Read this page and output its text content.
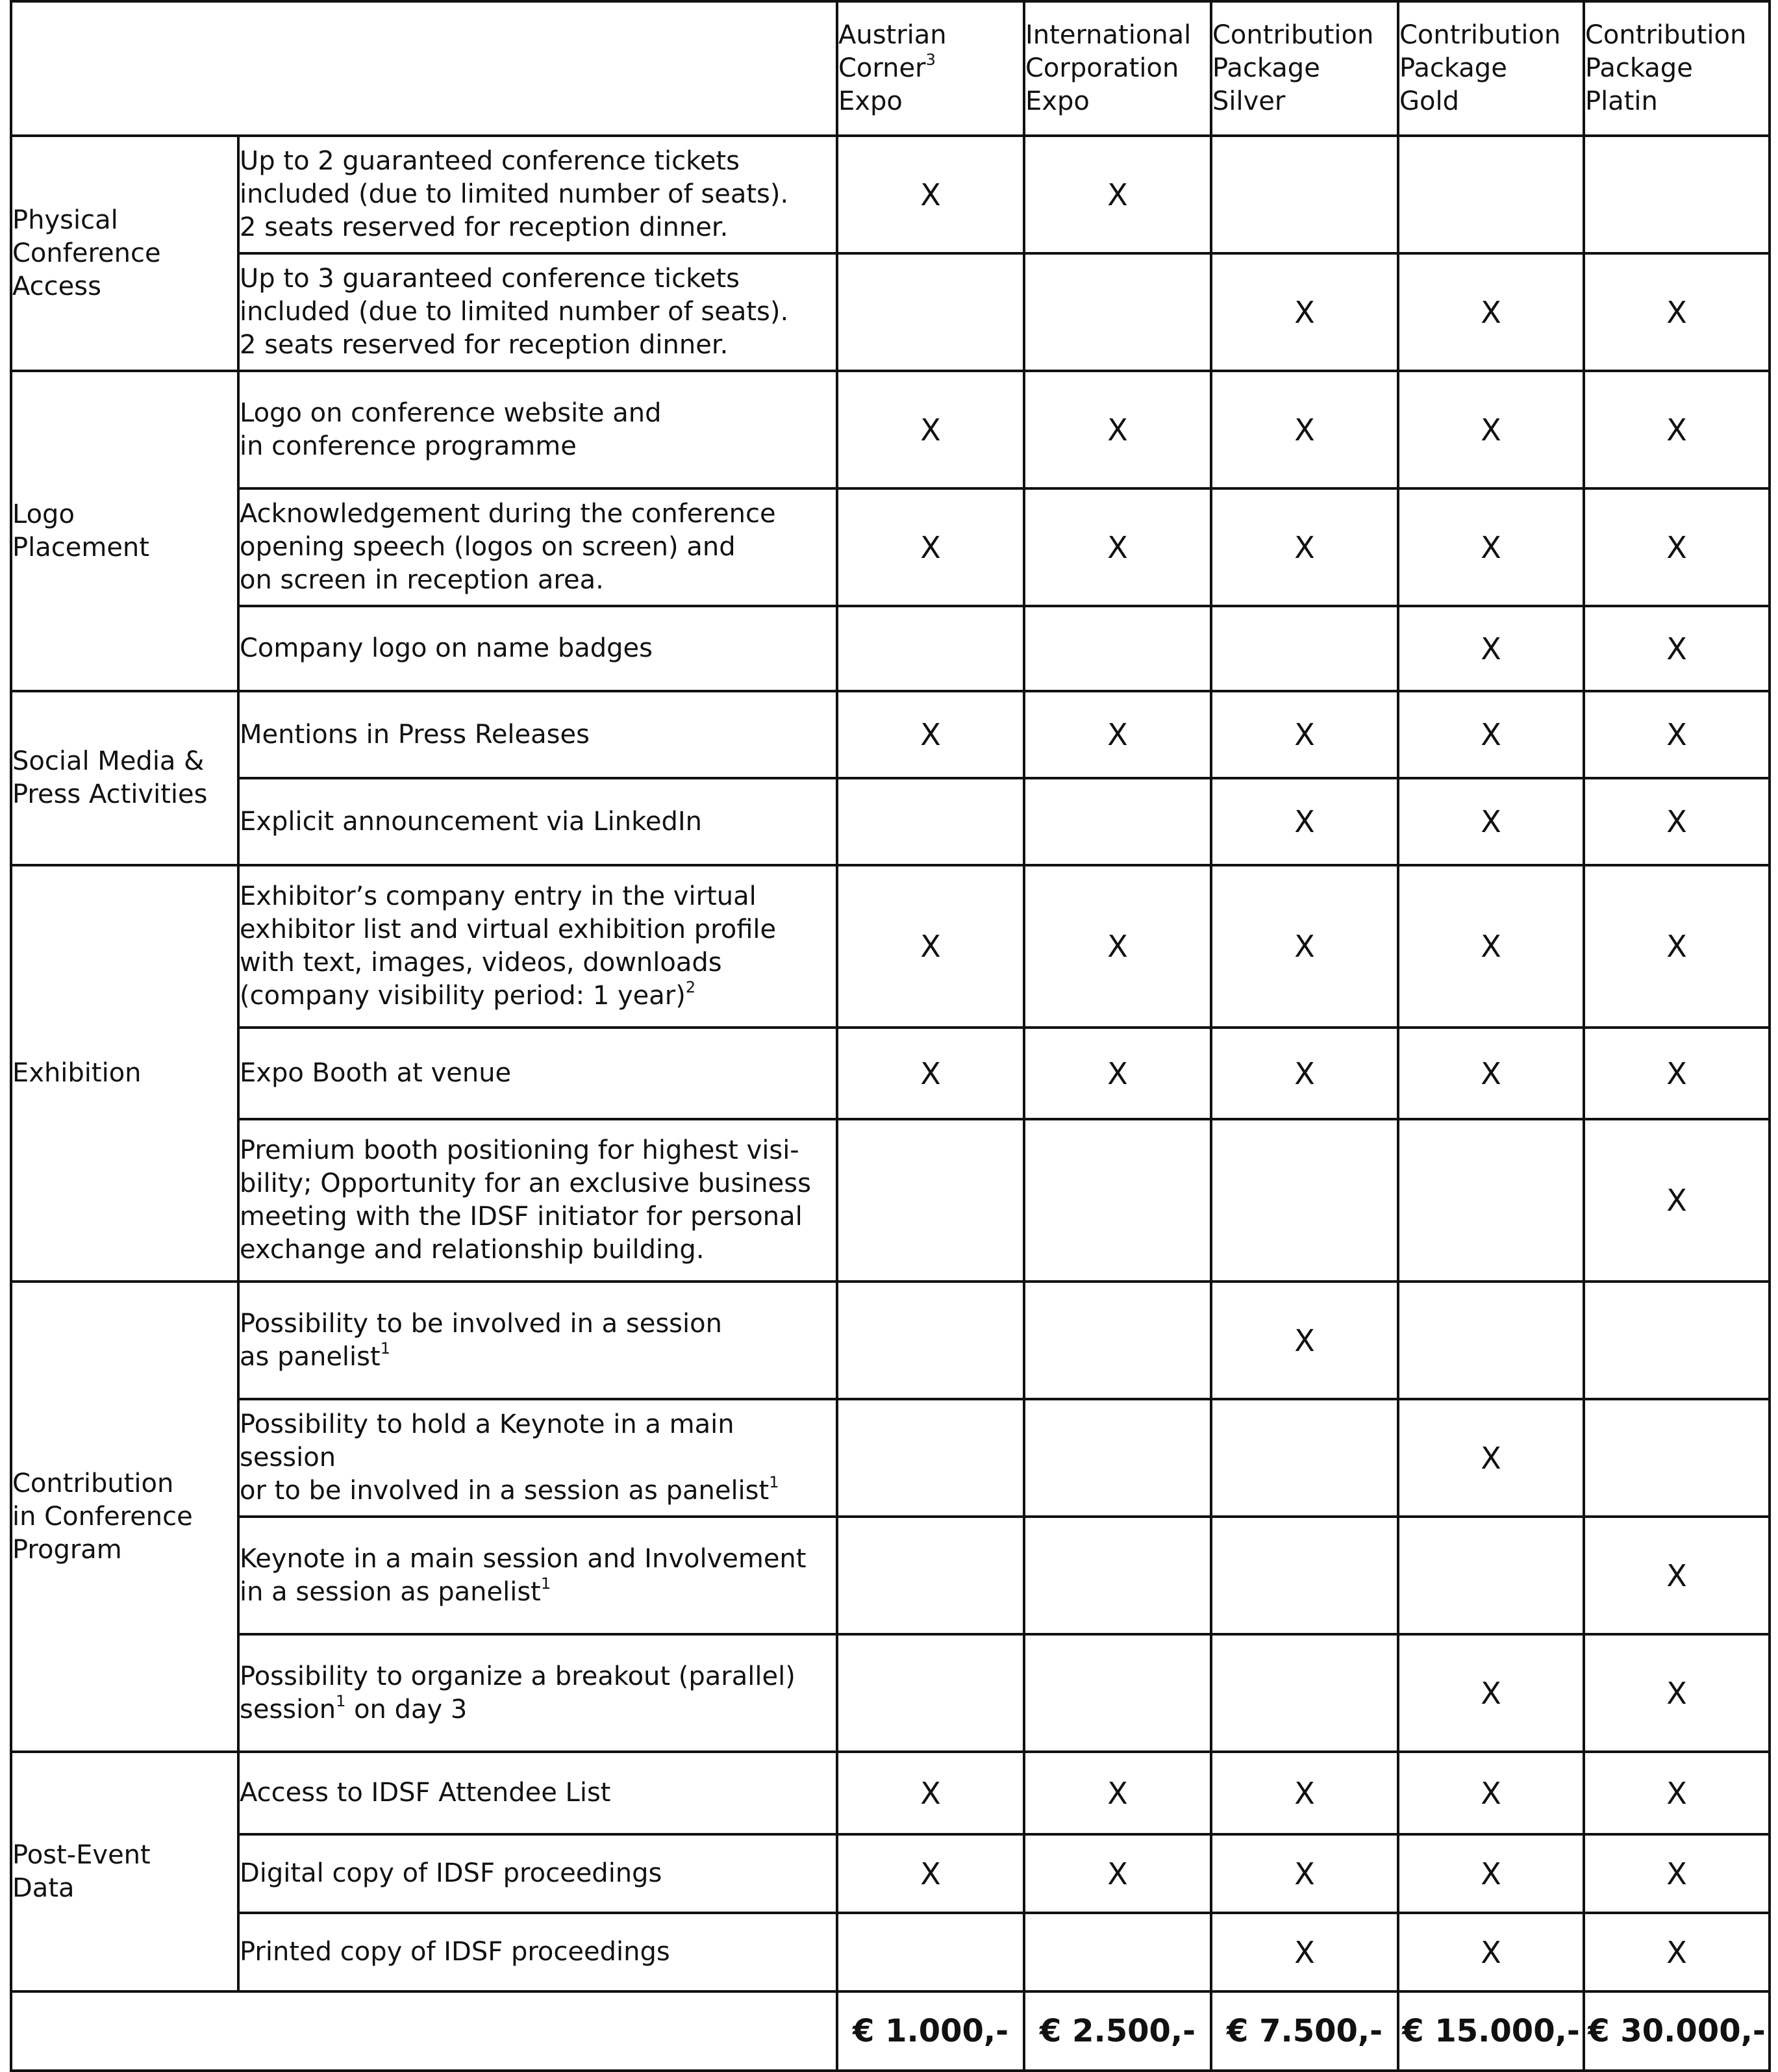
		Austrian
Corner$^3$
Expo	International
Corporation
Expo	Contribution
Package
Silver	Contribution
Package
Gold	Contribution
Package
Platin
Physical
Conference
Access	Up to 2 guaranteed conference tickets
included (due to limited number of seats).
2 seats reserved for reception dinner.	X	X			
	Up to 3 guaranteed conference tickets
included (due to limited number of seats).
2 seats reserved for reception dinner.			X	X	X
Logo
Placement	Logo on conference website and
in conference programme	X	X	X	X	X
	Acknowledgement during the conference
opening speech (logos on screen) and
on screen in reception area.	X	X	X	X	X
	Company logo on name badges				X	X
Social Media &
Press Activities	Mentions in Press Releases	X	X	X	X	X
	Explicit announcement via LinkedIn			X	X	X
Exhibition	Exhibitor’s company entry in the virtual
exhibitor list and virtual exhibition profile
with text, images, videos, downloads
(company visibility period: 1 year)$^2$	X	X	X	X	X
	Expo Booth at venue	X	X	X	X	X
	Premium booth positioning for highest visi-
bility; Opportunity for an exclusive business
meeting with the IDSF initiator for personal
exchange and relationship building.					X
Contribution
in Conference
Program	Possibility to be involved in a session
as panelist$^1$			X		
	Possibility to hold a Keynote in a main session
or to be involved in a session as panelist$^1$				X	
	Keynote in a main session and Involvement
in a session as panelist$^1$					X
	Possibility to organize a breakout (parallel)
session$^1$ on day 3				X	X
Post-Event
Data	Access to IDSF Attendee List	X	X	X	X	X
	Digital copy of IDSF proceedings	X	X	X	X	X
	Printed copy of IDSF proceedings			X	X	X
		€ 1.000,-	€ 2.500,-	€ 7.500,-	€ 15.000,-	€ 30.000,-
